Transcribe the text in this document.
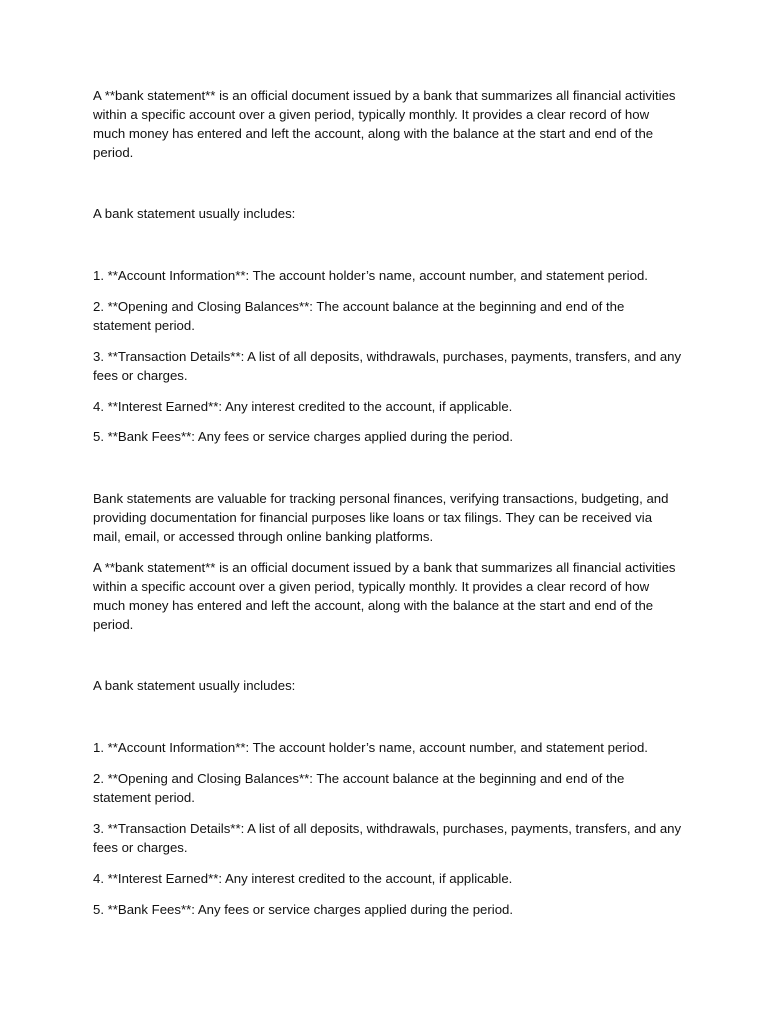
A **bank statement** is an official document issued by a bank that summarizes all financial activities within a specific account over a given period, typically monthly. It provides a clear record of how much money has entered and left the account, along with the balance at the start and end of the period.

A bank statement usually includes:

1. **Account Information**: The account holder’s name, account number, and statement period.

2. **Opening and Closing Balances**: The account balance at the beginning and end of the statement period.

3. **Transaction Details**: A list of all deposits, withdrawals, purchases, payments, transfers, and any fees or charges.

4. **Interest Earned**: Any interest credited to the account, if applicable.

5. **Bank Fees**: Any fees or service charges applied during the period.

Bank statements are valuable for tracking personal finances, verifying transactions, budgeting, and providing documentation for financial purposes like loans or tax filings. They can be received via mail, email, or accessed through online banking platforms.

A **bank statement** is an official document issued by a bank that summarizes all financial activities within a specific account over a given period, typically monthly. It provides a clear record of how much money has entered and left the account, along with the balance at the start and end of the period.

A bank statement usually includes:

1. **Account Information**: The account holder’s name, account number, and statement period.

2. **Opening and Closing Balances**: The account balance at the beginning and end of the statement period.

3. **Transaction Details**: A list of all deposits, withdrawals, purchases, payments, transfers, and any fees or charges.

4. **Interest Earned**: Any interest credited to the account, if applicable.

5. **Bank Fees**: Any fees or service charges applied during the period.
